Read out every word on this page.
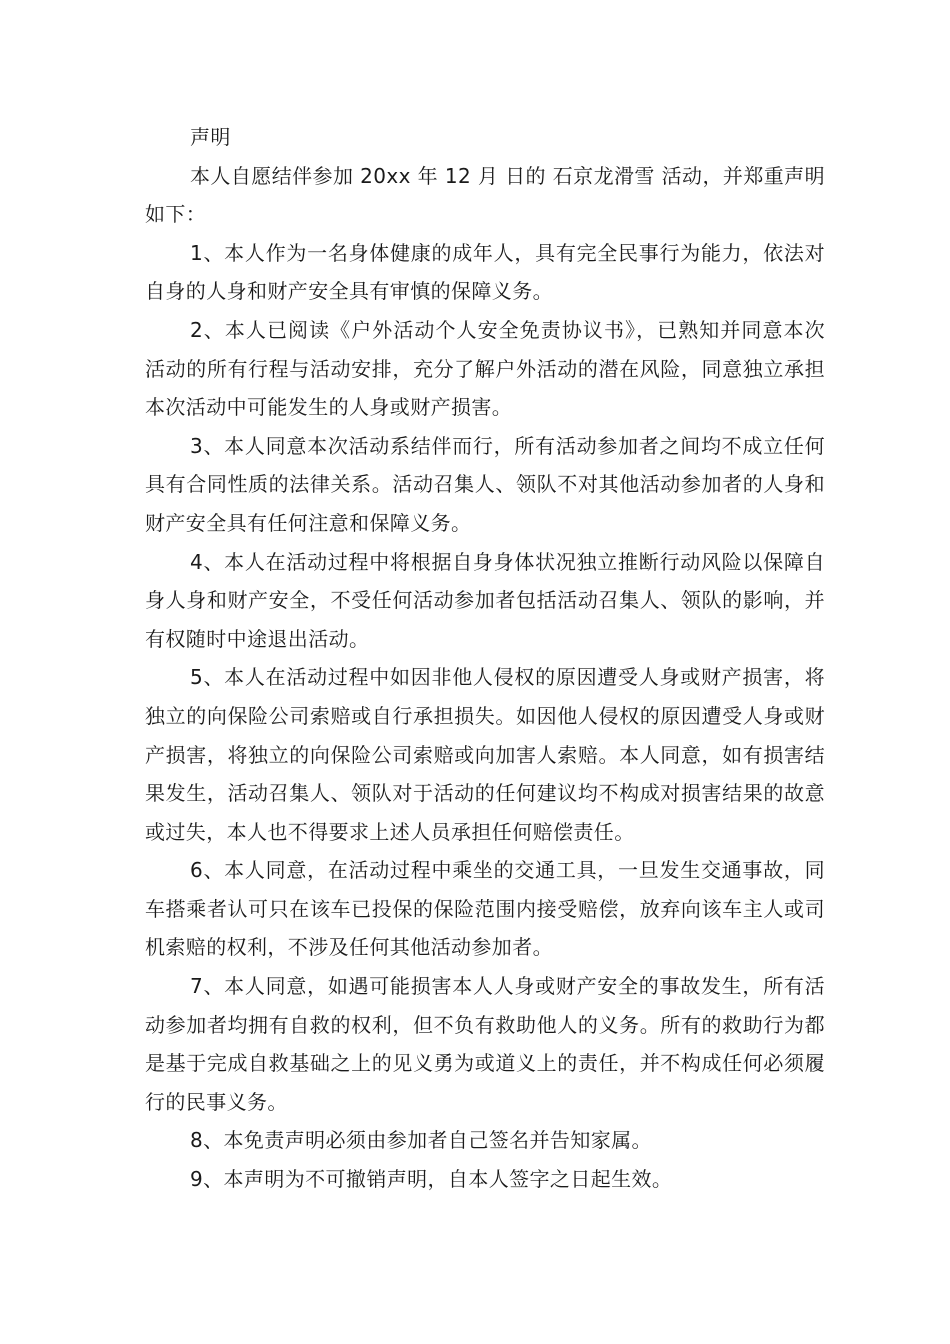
声明

本人自愿结伴参加 20xx 年 12 月 日的 石京龙滑雪 活动，并郑重声明如下：

1、本人作为一名身体健康的成年人，具有完全民事行为能力，依法对自身的人身和财产安全具有审慎的保障义务。

2、本人已阅读《户外活动个人安全免责协议书》，已熟知并同意本次活动的所有行程与活动安排，充分了解户外活动的潜在风险，同意独立承担本次活动中可能发生的人身或财产损害。

3、本人同意本次活动系结伴而行，所有活动参加者之间均不成立任何具有合同性质的法律关系。活动召集人、领队不对其他活动参加者的人身和财产安全具有任何注意和保障义务。

4、本人在活动过程中将根据自身身体状况独立推断行动风险以保障自身人身和财产安全，不受任何活动参加者包括活动召集人、领队的影响，并有权随时中途退出活动。

5、本人在活动过程中如因非他人侵权的原因遭受人身或财产损害，将独立的向保险公司索赔或自行承担损失。如因他人侵权的原因遭受人身或财产损害，将独立的向保险公司索赔或向加害人索赔。本人同意，如有损害结果发生，活动召集人、领队对于活动的任何建议均不构成对损害结果的故意或过失，本人也不得要求上述人员承担任何赔偿责任。

6、本人同意，在活动过程中乘坐的交通工具，一旦发生交通事故，同车搭乘者认可只在该车已投保的保险范围内接受赔偿，放弃向该车主人或司机索赔的权利，不涉及任何其他活动参加者。

7、本人同意，如遇可能损害本人人身或财产安全的事故发生，所有活动参加者均拥有自救的权利，但不负有救助他人的义务。所有的救助行为都是基于完成自救基础之上的见义勇为或道义上的责任，并不构成任何必须履行的民事义务。

8、本免责声明必须由参加者自己签名并告知家属。

9、本声明为不可撤销声明，自本人签字之日起生效。
